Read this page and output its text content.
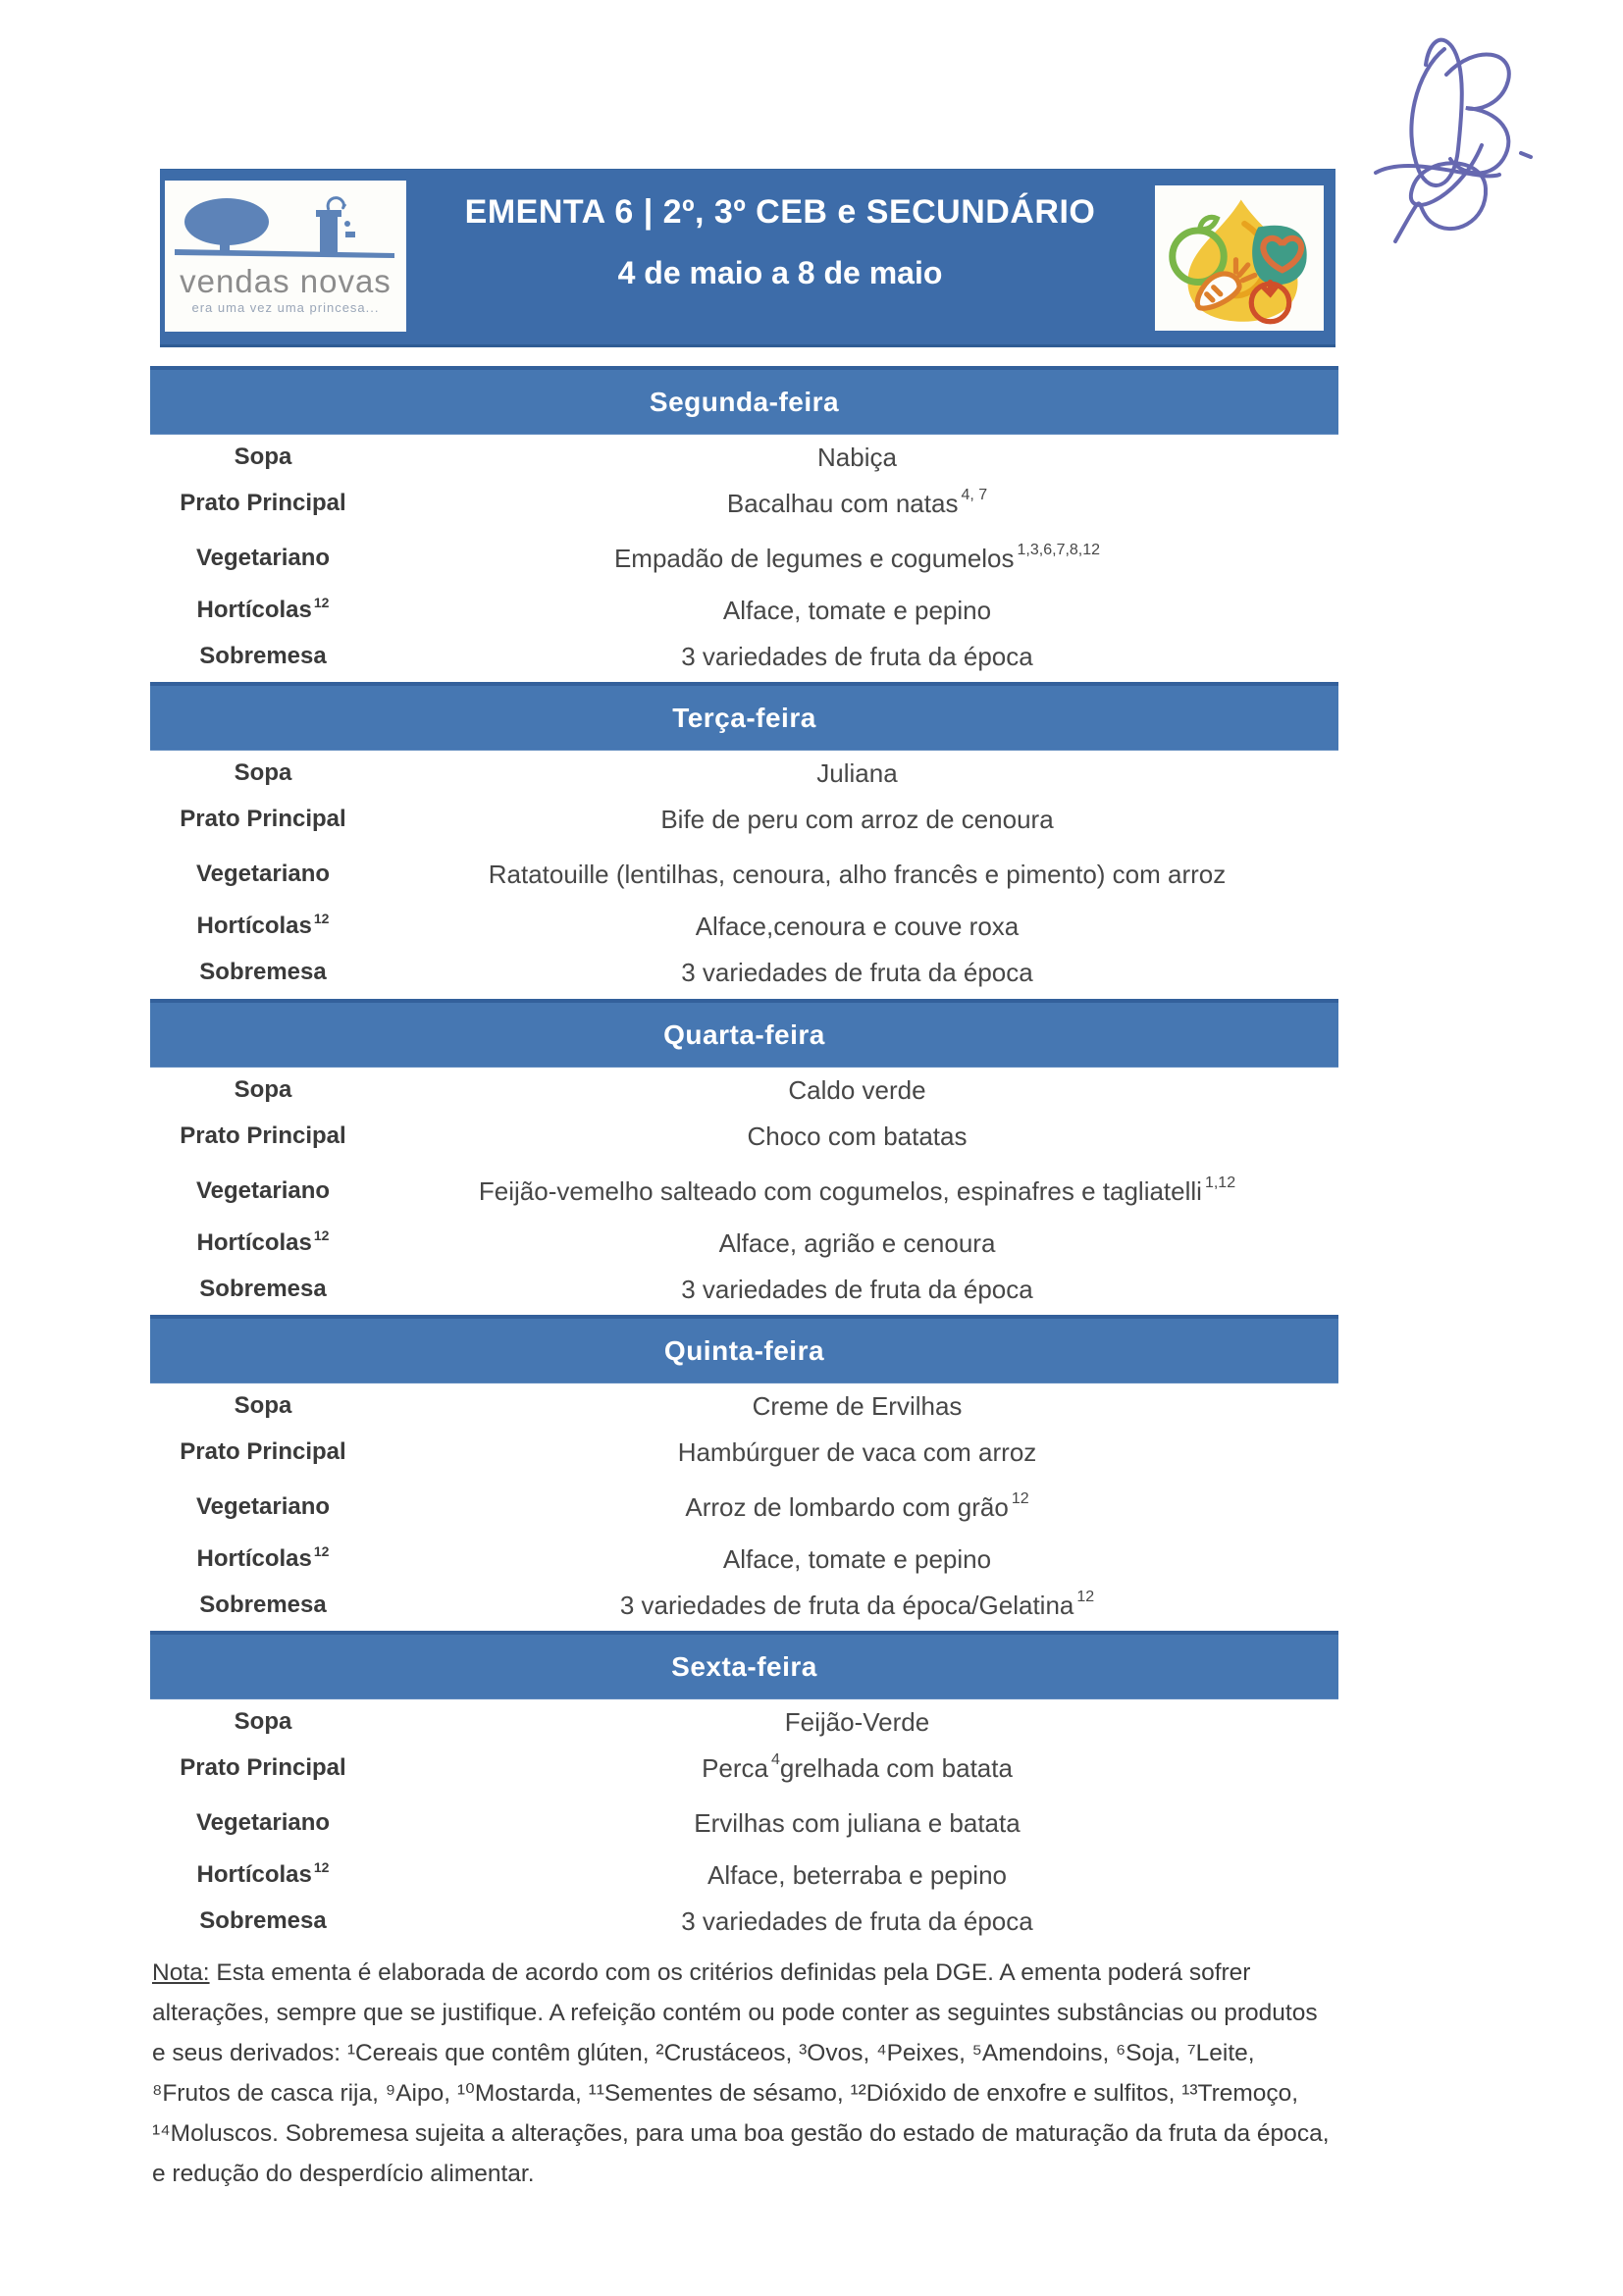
vendas novas
era uma vez uma princesa...
EMENTA 6 | 2º, 3º CEB e SECUNDÁRIO
4 de maio a 8 de maio
Segunda-feira
Sopa	Nabiça
Prato Principal	Bacalhau com natas$^{4, 7}$
Vegetariano	Empadão de legumes e cogumelos$^{1,3,6,7,8,12}$
Hortícolas$^{12}$	Alface, tomate e pepino
Sobremesa	3 variedades de fruta da época
Terça-feira
Sopa	Juliana
Prato Principal	Bife de peru com arroz de cenoura
Vegetariano	Ratatouille (lentilhas, cenoura, alho francês e pimento) com arroz
Hortícolas$^{12}$	Alface,cenoura e couve roxa
Sobremesa	3 variedades de fruta da época
Quarta-feira
Sopa	Caldo verde
Prato Principal	Choco com batatas
Vegetariano	Feijão-vemelho salteado com cogumelos, espinafres e tagliatelli$^{1,12}$
Hortícolas$^{12}$	Alface, agrião e cenoura
Sobremesa	3 variedades de fruta da época
Quinta-feira
Sopa	Creme de Ervilhas
Prato Principal	Hambúrguer de vaca com arroz
Vegetariano	Arroz de lombardo com grão$^{12}$
Hortícolas$^{12}$	Alface, tomate e pepino
Sobremesa	3 variedades de fruta da época/Gelatina$^{12}$
Sexta-feira
Sopa	Feijão-Verde
Prato Principal	Perca$^4$ grelhada com batata
Vegetariano	Ervilhas com juliana e batata
Hortícolas$^{12}$	Alface, beterraba e pepino
Sobremesa	3 variedades de fruta da época
Nota: Esta ementa é elaborada de acordo com os critérios definidas pela DGE. A ementa poderá sofrer alterações, sempre que se justifique. A refeição contém ou pode conter as seguintes substâncias ou produtos e seus derivados: ¹Cereais que contêm glúten, ²Crustáceos, ³Ovos, ⁴Peixes, ⁵Amendoins, ⁶Soja, ⁷Leite, ⁸Frutos de casca rija, ⁹Aipo, ¹⁰Mostarda, ¹¹Sementes de sésamo, ¹²Dióxido de enxofre e sulfitos, ¹³Tremoço, ¹⁴Moluscos. Sobremesa sujeita a alterações, para uma boa gestão do estado de maturação da fruta da época, e redução do desperdício alimentar.
